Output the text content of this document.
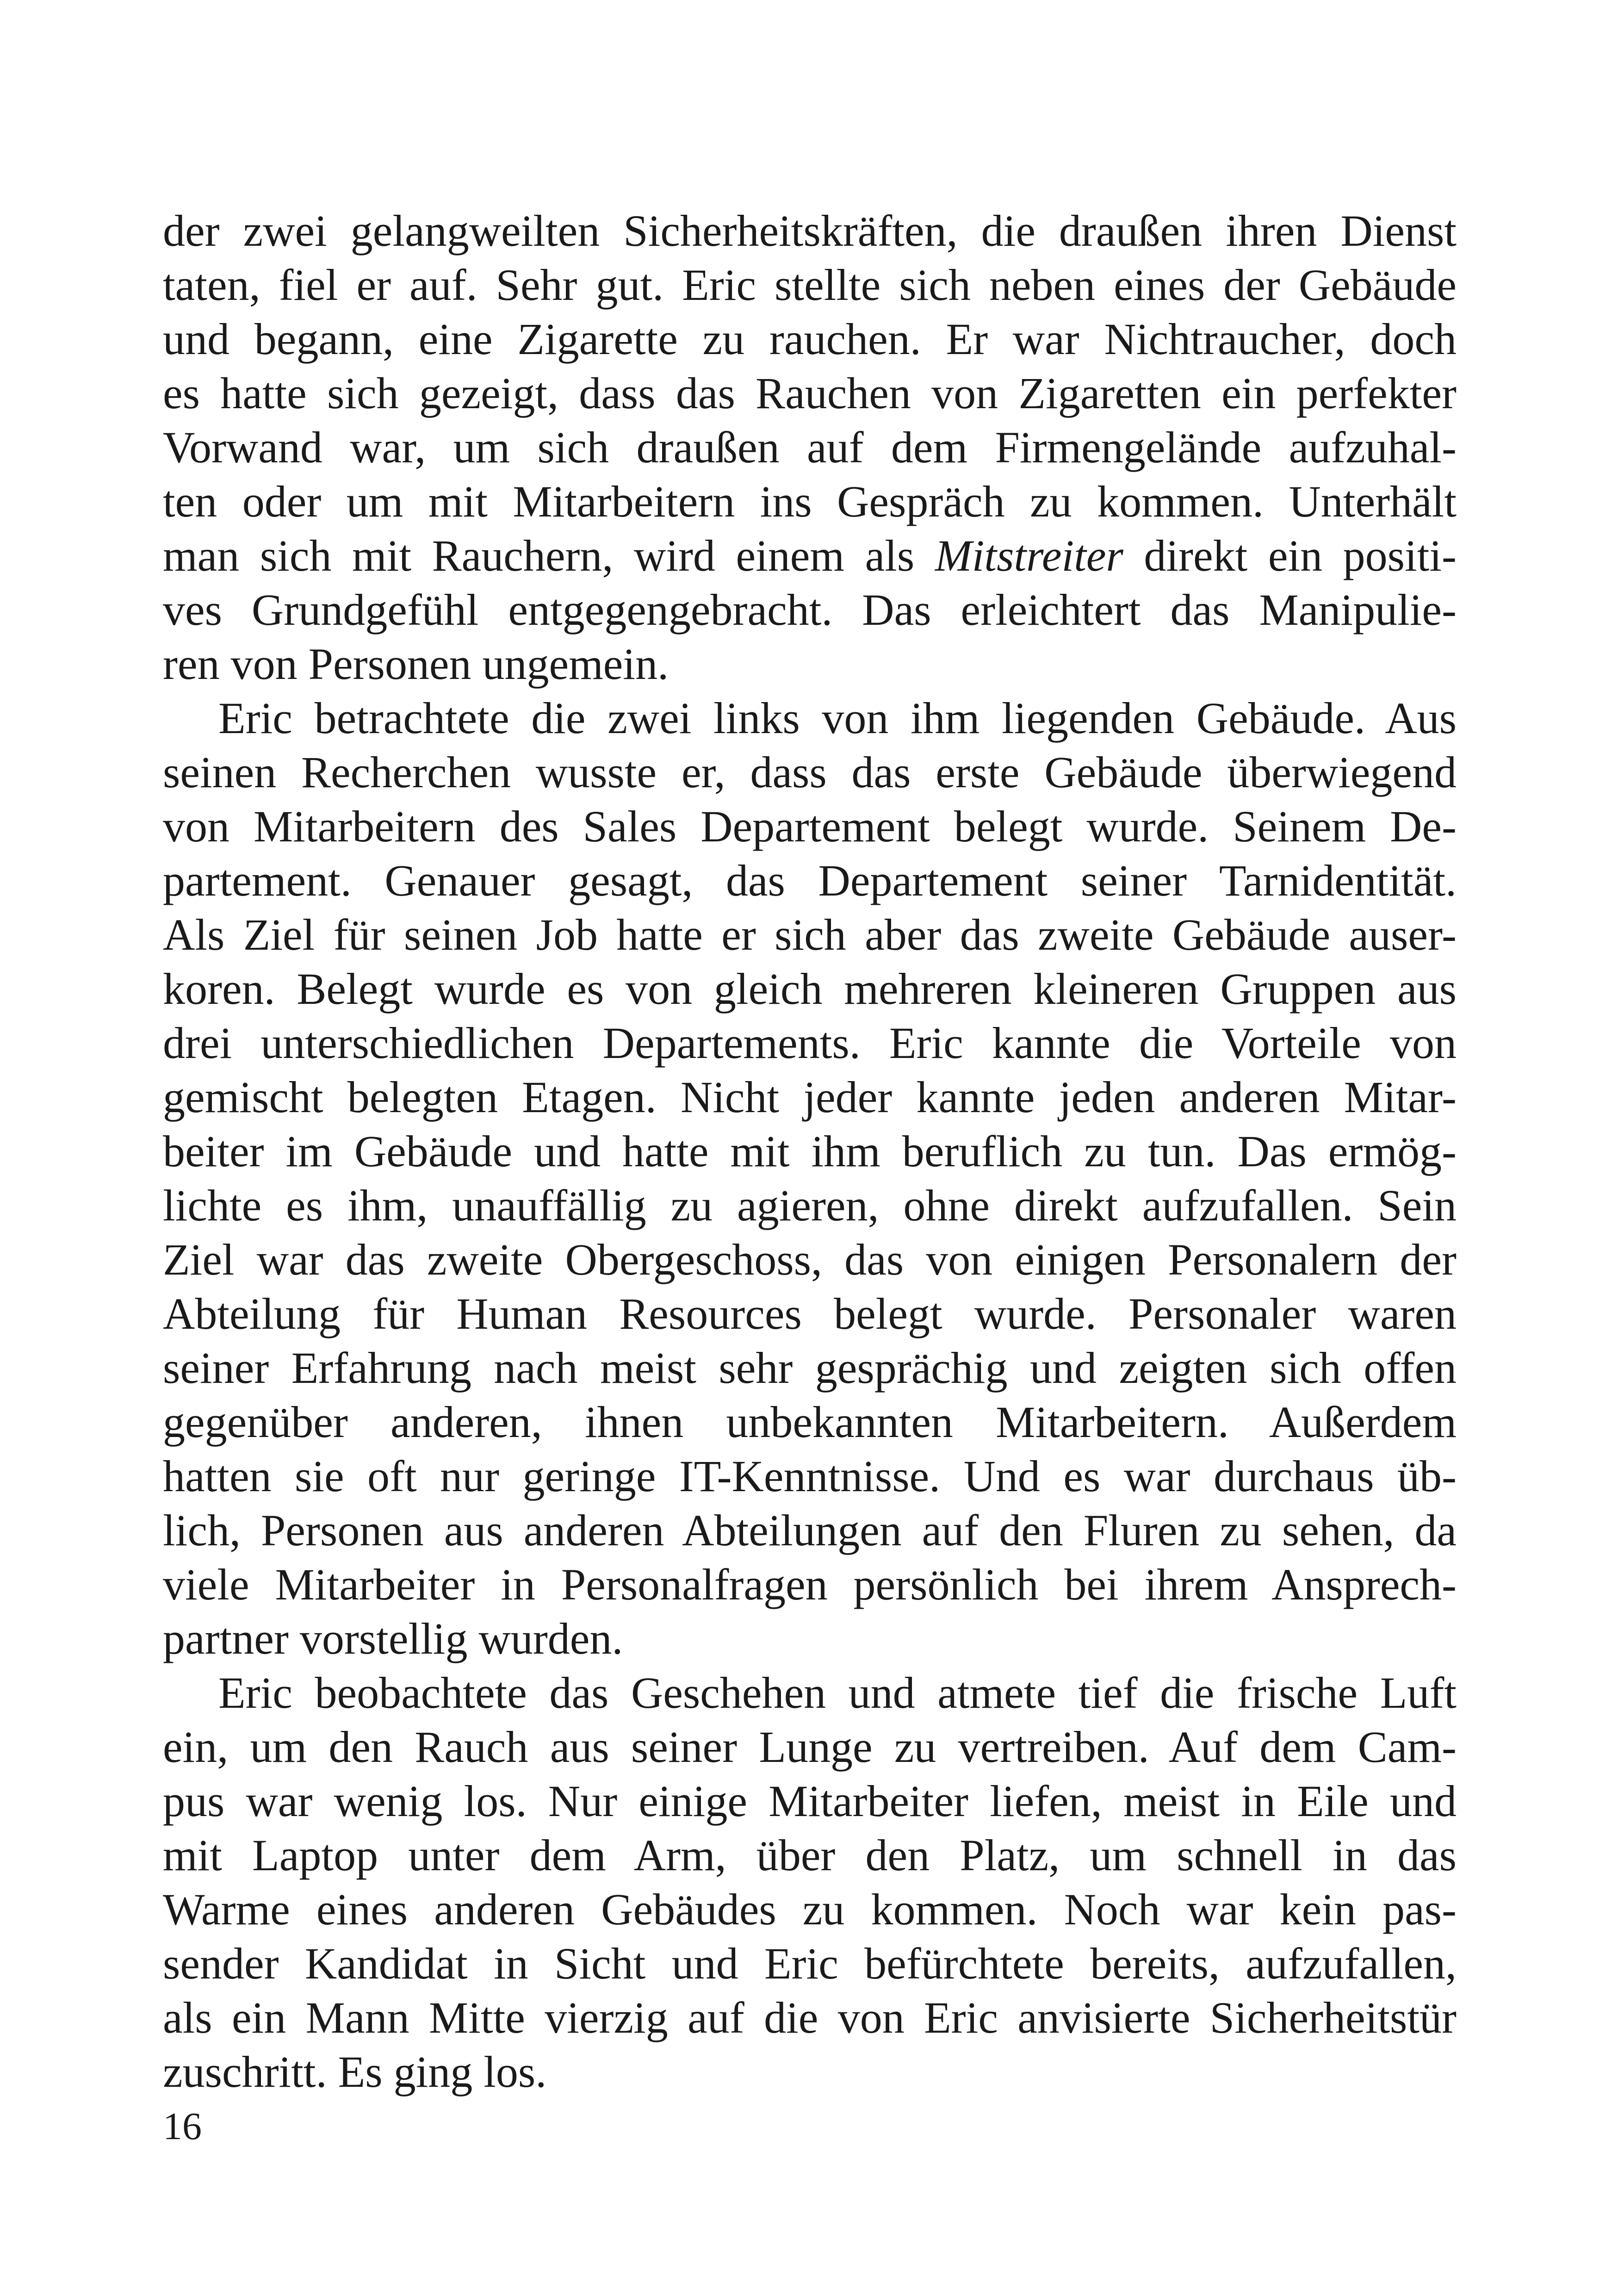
der zwei gelangweilten Sicherheitskräften, die draußen ihren Dienst
taten, fiel er auf. Sehr gut. Eric stellte sich neben eines der Gebäude
und begann, eine Zigarette zu rauchen. Er war Nichtraucher, doch
es hatte sich gezeigt, dass das Rauchen von Zigaretten ein perfekter
Vorwand war, um sich draußen auf dem Firmengelände aufzuhal-
ten oder um mit Mitarbeitern ins Gespräch zu kommen. Unterhält
man sich mit Rauchern, wird einem als Mitstreiter direkt ein positi-
ves Grundgefühl entgegengebracht. Das erleichtert das Manipulie-
ren von Personen ungemein.
Eric betrachtete die zwei links von ihm liegenden Gebäude. Aus
seinen Recherchen wusste er, dass das erste Gebäude überwiegend
von Mitarbeitern des Sales Departement belegt wurde. Seinem De-
partement. Genauer gesagt, das Departement seiner Tarnidentität.
Als Ziel für seinen Job hatte er sich aber das zweite Gebäude auser-
koren. Belegt wurde es von gleich mehreren kleineren Gruppen aus
drei unterschiedlichen Departements. Eric kannte die Vorteile von
gemischt belegten Etagen. Nicht jeder kannte jeden anderen Mitar-
beiter im Gebäude und hatte mit ihm beruflich zu tun. Das ermög-
lichte es ihm, unauffällig zu agieren, ohne direkt aufzufallen. Sein
Ziel war das zweite Obergeschoss, das von einigen Personalern der
Abteilung für Human Resources belegt wurde. Personaler waren
seiner Erfahrung nach meist sehr gesprächig und zeigten sich offen
gegenüber anderen, ihnen unbekannten Mitarbeitern. Außerdem
hatten sie oft nur geringe IT-Kenntnisse. Und es war durchaus üb-
lich, Personen aus anderen Abteilungen auf den Fluren zu sehen, da
viele Mitarbeiter in Personalfragen persönlich bei ihrem Ansprech-
partner vorstellig wurden.
Eric beobachtete das Geschehen und atmete tief die frische Luft
ein, um den Rauch aus seiner Lunge zu vertreiben. Auf dem Cam-
pus war wenig los. Nur einige Mitarbeiter liefen, meist in Eile und
mit Laptop unter dem Arm, über den Platz, um schnell in das
Warme eines anderen Gebäudes zu kommen. Noch war kein pas-
sender Kandidat in Sicht und Eric befürchtete bereits, aufzufallen,
als ein Mann Mitte vierzig auf die von Eric anvisierte Sicherheitstür
zuschritt. Es ging los.
16
